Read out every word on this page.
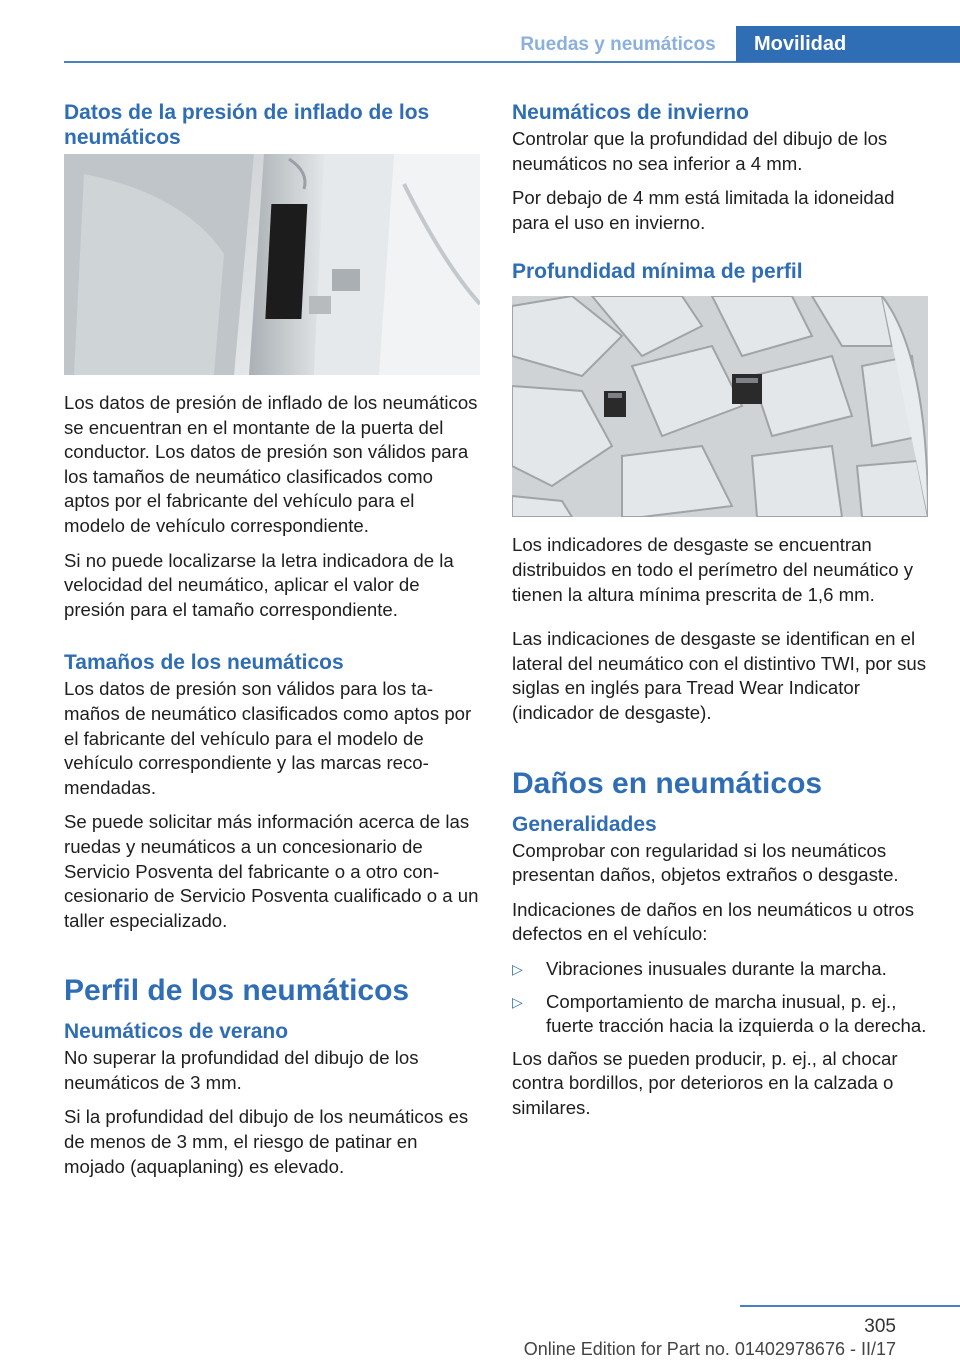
Ruedas y neumáticos	Movilidad
Datos de la presión de inflado de los neumáticos

Los datos de presión de inflado de los neumáticos se encuentran en el montante de la puerta del conductor. Los datos de presión son válidos para los tamaños de neumático clasificados como aptos por el fabricante del vehículo para el modelo de vehículo correspondiente.

Si no puede localizarse la letra indicadora de la velocidad del neumático, aplicar el valor de presión para el tamaño correspondiente.

Tamaños de los neumáticos

Los datos de presión son válidos para los tamaños de neumático clasificados como aptos por el fabricante del vehículo para el modelo de vehículo correspondiente y las marcas recomendadas.

Se puede solicitar más información acerca de las ruedas y neumáticos a un concesionario de Servicio Posventa del fabricante o a otro concesionario de Servicio Posventa cualificado o a un taller especializado.

Perfil de los neumáticos
Neumáticos de verano

No superar la profundidad del dibujo de los neumáticos de 3 mm.

Si la profundidad del dibujo de los neumáticos es de menos de 3 mm, el riesgo de patinar en mojado (aquaplaning) es elevado.

Neumáticos de invierno

Controlar que la profundidad del dibujo de los neumáticos no sea inferior a 4 mm.

Por debajo de 4 mm está limitada la idoneidad para el uso en invierno.

Profundidad mínima de perfil

Los indicadores de desgaste se encuentran distribuidos en todo el perímetro del neumático y tienen la altura mínima prescrita de 1,6 mm.

Las indicaciones de desgaste se identifican en el lateral del neumático con el distintivo TWI, por sus siglas en inglés para Tread Wear Indicator (indicador de desgaste).

Daños en neumáticos
Generalidades

Comprobar con regularidad si los neumáticos presentan daños, objetos extraños o desgaste.

Indicaciones de daños en los neumáticos u otros defectos en el vehículo:

▷ Vibraciones inusuales durante la marcha.
▷ Comportamiento de marcha inusual, p. ej., fuerte tracción hacia la izquierda o la derecha.

Los daños se pueden producir, p. ej., al chocar contra bordillos, por deterioros en la calzada o similares.

305
Online Edition for Part no. 01402978676 - II/17
